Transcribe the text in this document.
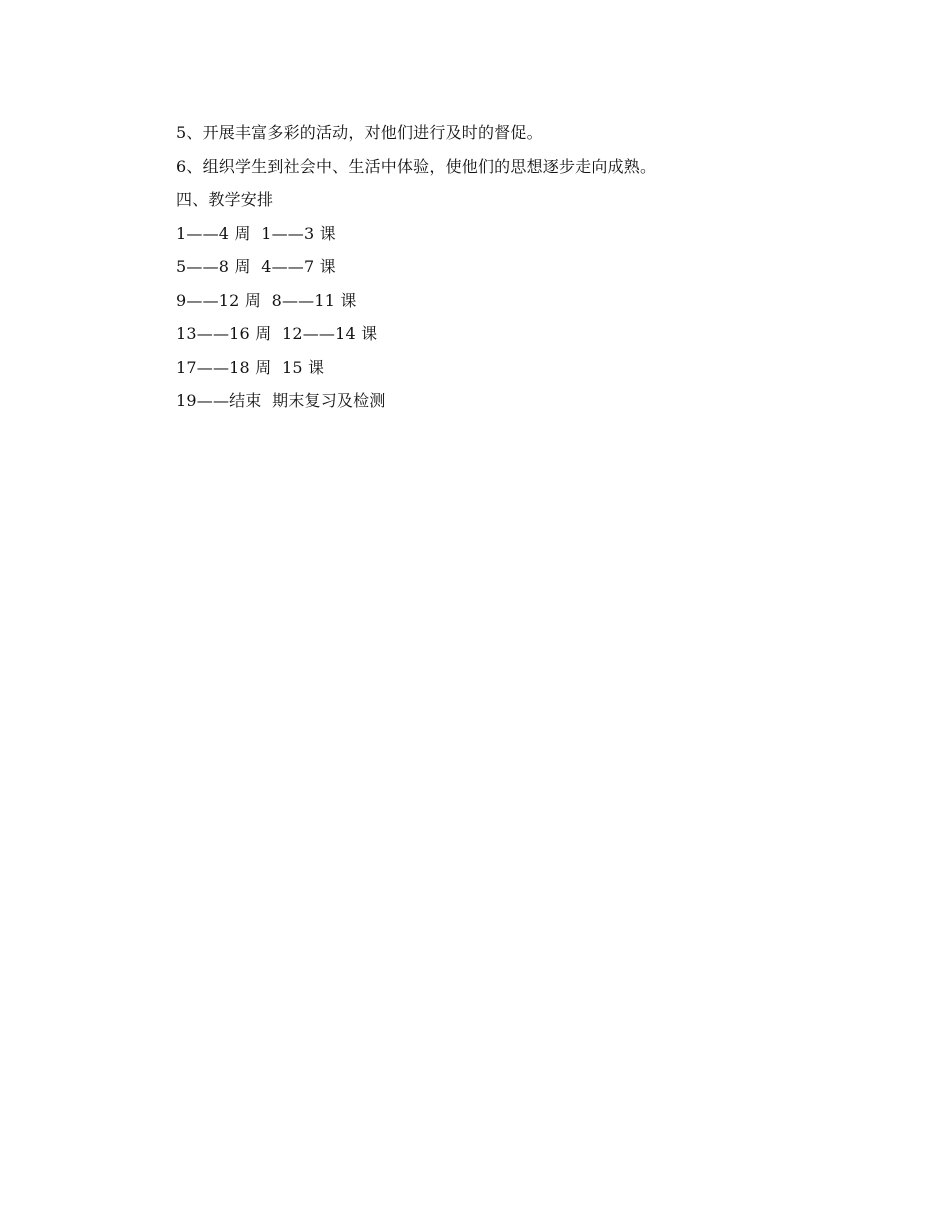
5、开展丰富多彩的活动，对他们进行及时的督促。
6、组织学生到社会中、生活中体验，使他们的思想逐步走向成熟。
四、教学安排
1——4 周  1——3 课
5——8 周  4——7 课
9——12 周  8——11 课
13——16 周  12——14 课
17——18 周  15 课
19——结束  期末复习及检测
